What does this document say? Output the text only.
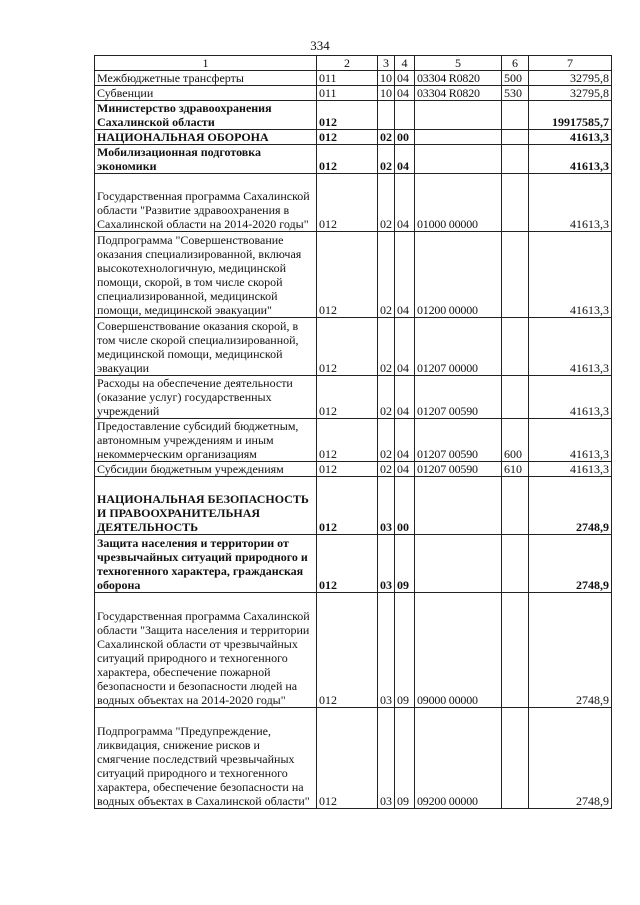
334
1	2	3	4	5	6	7
Межбюджетные трансферты	011	10	04	03304 R0820	500	32795,8
Субвенции	011	10	04	03304 R0820	530	32795,8
Министерство здравоохранения Сахалинской области	012					19917585,7
НАЦИОНАЛЬНАЯ ОБОРОНА	012	02	00			41613,3
Мобилизационная подготовка экономики	012	02	04			41613,3
Государственная программа Сахалинской области "Развитие здравоохранения в Сахалинской области на 2014-2020 годы"	012	02	04	01000 00000		41613,3
Подпрограмма "Совершенствование оказания специализированной, включая высокотехнологичную, медицинской помощи, скорой, в том числе скорой специализированной, медицинской помощи, медицинской эвакуации"	012	02	04	01200 00000		41613,3
Совершенствование оказания скорой, в том числе скорой специализированной, медицинской помощи, медицинской эвакуации	012	02	04	01207 00000		41613,3
Расходы на обеспечение деятельности (оказание услуг) государственных учреждений	012	02	04	01207 00590		41613,3
Предоставление субсидий бюджетным, автономным учреждениям и иным некоммерческим организациям	012	02	04	01207 00590	600	41613,3
Субсидии бюджетным учреждениям	012	02	04	01207 00590	610	41613,3
НАЦИОНАЛЬНАЯ БЕЗОПАСНОСТЬ И ПРАВООХРАНИТЕЛЬНАЯ ДЕЯТЕЛЬНОСТЬ	012	03	00			2748,9
Защита населения и территории от чрезвычайных ситуаций природного и техногенного характера, гражданская оборона	012	03	09			2748,9
Государственная программа Сахалинской области "Защита населения и территории Сахалинской области от чрезвычайных ситуаций природного и техногенного характера, обеспечение пожарной безопасности и безопасности людей на водных объектах на 2014-2020 годы"	012	03	09	09000 00000		2748,9
Подпрограмма "Предупреждение, ликвидация, снижение рисков и смягчение последствий чрезвычайных ситуаций природного и техногенного характера, обеспечение безопасности на водных объектах в Сахалинской области"	012	03	09	09200 00000		2748,9
